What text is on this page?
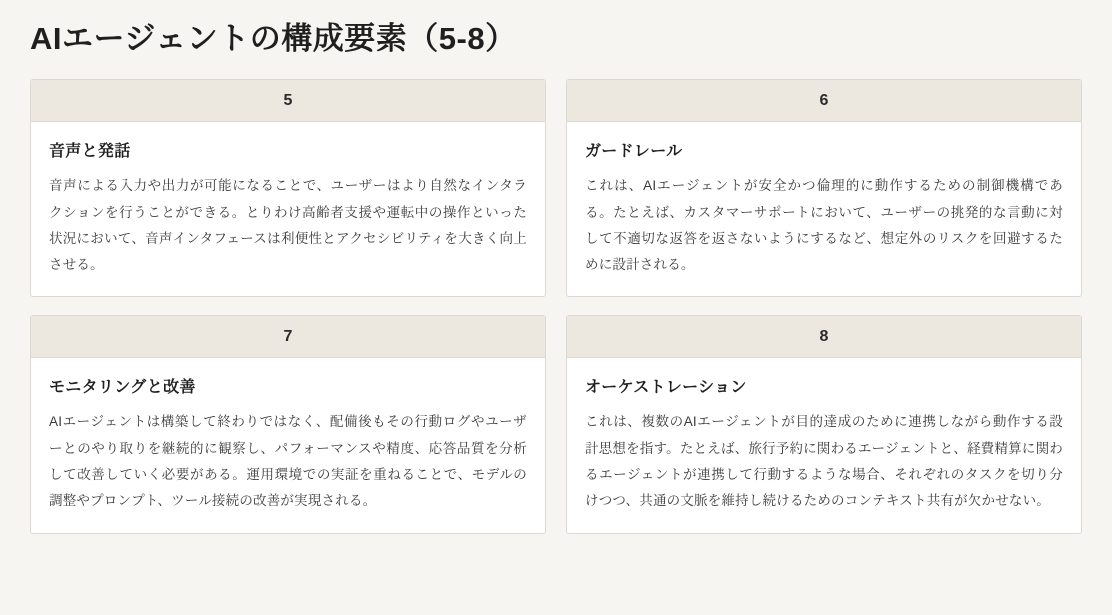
AIエージェントの構成要素（5-8）
5
音声と発話

音声による入力や出力が可能になることで、ユーザーはより自然なインタラクションを行うことができる。とりわけ高齢者支援や運転中の操作といった状況において、音声インタフェースは利便性とアクセシビリティを大きく向上させる。

6
ガードレール

これは、AIエージェントが安全かつ倫理的に動作するための制御機構である。たとえば、カスタマーサポートにおいて、ユーザーの挑発的な言動に対して不適切な返答を返さないようにするなど、想定外のリスクを回避するために設計される。

7
モニタリングと改善

AIエージェントは構築して終わりではなく、配備後もその行動ログやユーザーとのやり取りを継続的に観察し、パフォーマンスや精度、応答品質を分析して改善していく必要がある。運用環境での実証を重ねることで、モデルの調整やプロンプト、ツール接続の改善が実現される。

8
オーケストレーション

これは、複数のAIエージェントが目的達成のために連携しながら動作する設計思想を指す。たとえば、旅行予約に関わるエージェントと、経費精算に関わるエージェントが連携して行動するような場合、それぞれのタスクを切り分けつつ、共通の文脈を維持し続けるためのコンテキスト共有が欠かせない。
